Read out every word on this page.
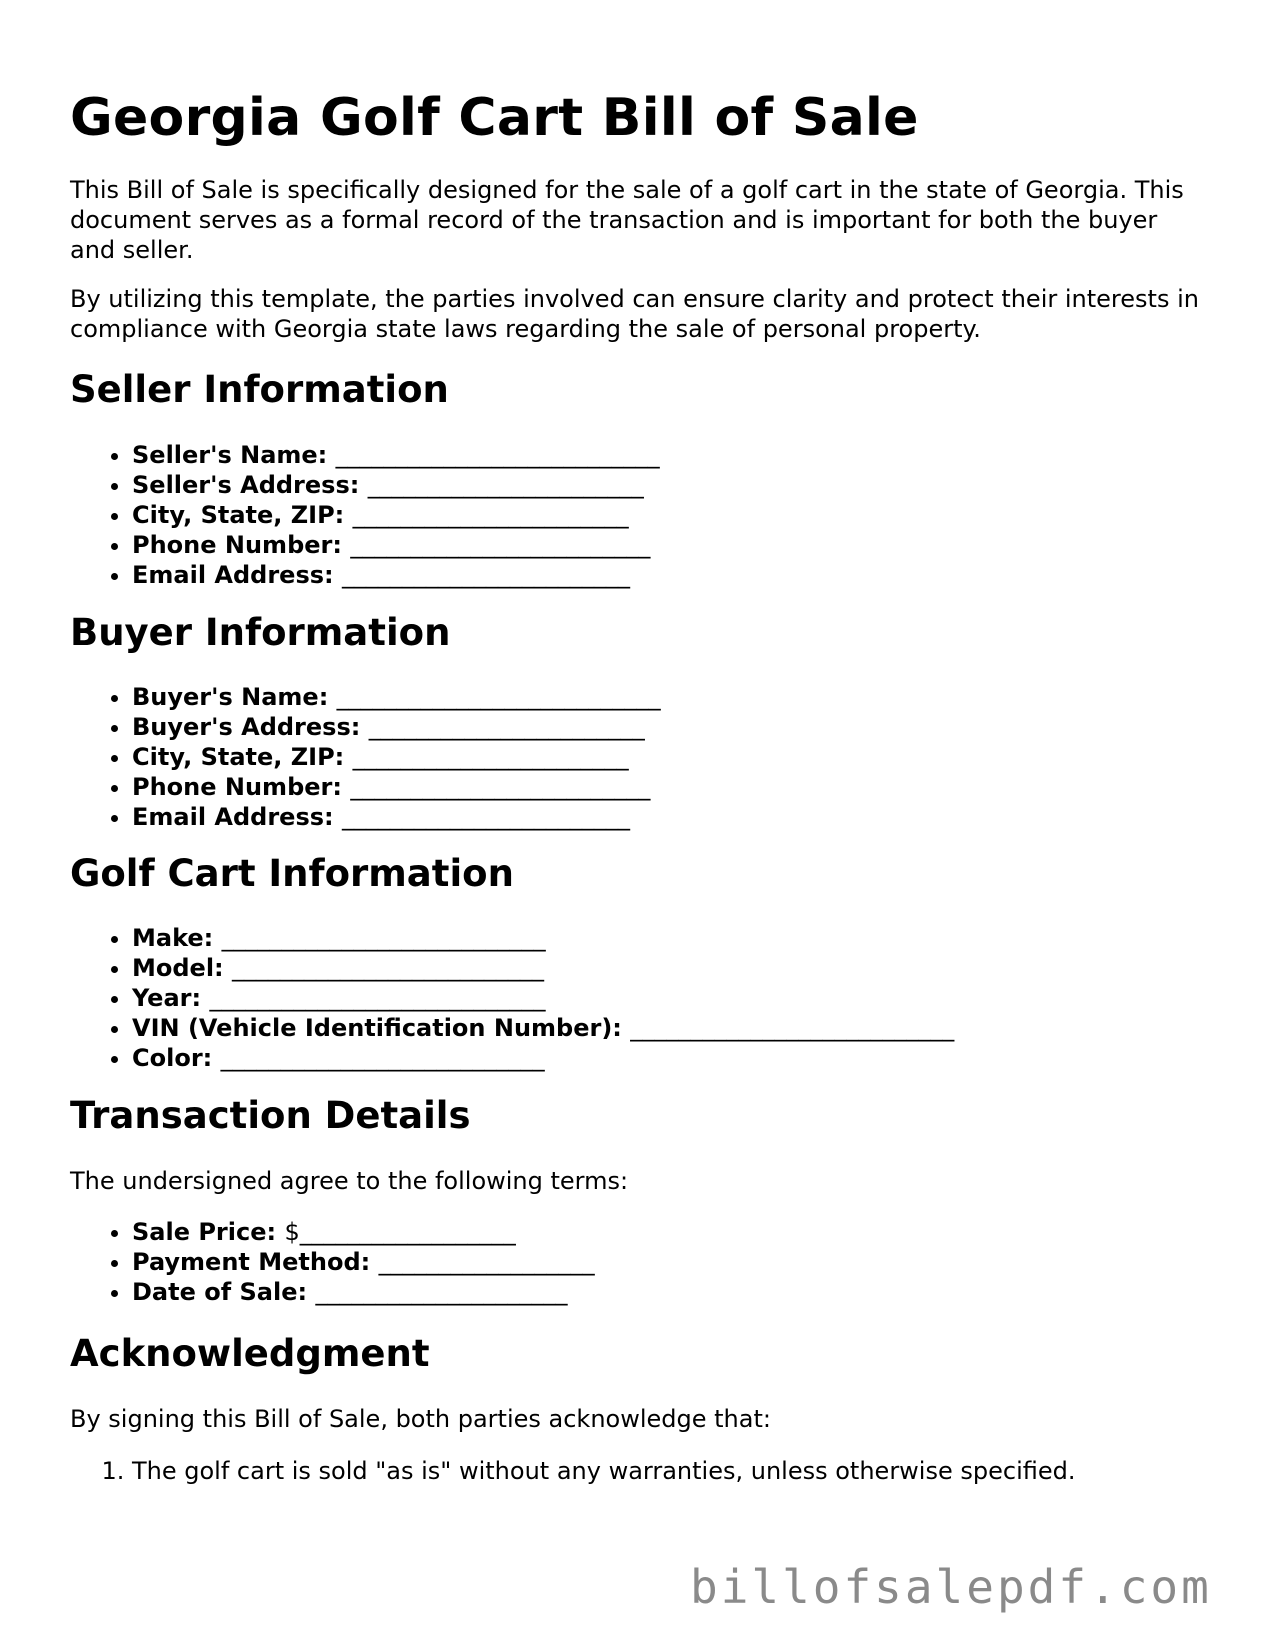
Georgia Golf Cart Bill of Sale

This Bill of Sale is specifically designed for the sale of a golf cart in the state of Georgia. This document serves as a formal record of the transaction and is important for both the buyer and seller.

By utilizing this template, the parties involved can ensure clarity and protect their interests in compliance with Georgia state laws regarding the sale of personal property.

Seller Information
• Seller's Name: ___________________________
• Seller's Address: _______________________
• City, State, ZIP: _______________________
• Phone Number: _________________________
• Email Address: ________________________
Buyer Information
• Buyer's Name: ___________________________
• Buyer's Address: _______________________
• City, State, ZIP: _______________________
• Phone Number: _________________________
• Email Address: ________________________
Golf Cart Information
• Make: ___________________________
• Model: __________________________
• Year: ____________________________
• VIN (Vehicle Identification Number): ___________________________
• Color: ___________________________
Transaction Details

The undersigned agree to the following terms:

• Sale Price: $__________________
• Payment Method: __________________
• Date of Sale: _____________________
Acknowledgment

By signing this Bill of Sale, both parties acknowledge that:

1. The golf cart is sold "as is" without any warranties, unless otherwise specified.
billofsalepdf.com
